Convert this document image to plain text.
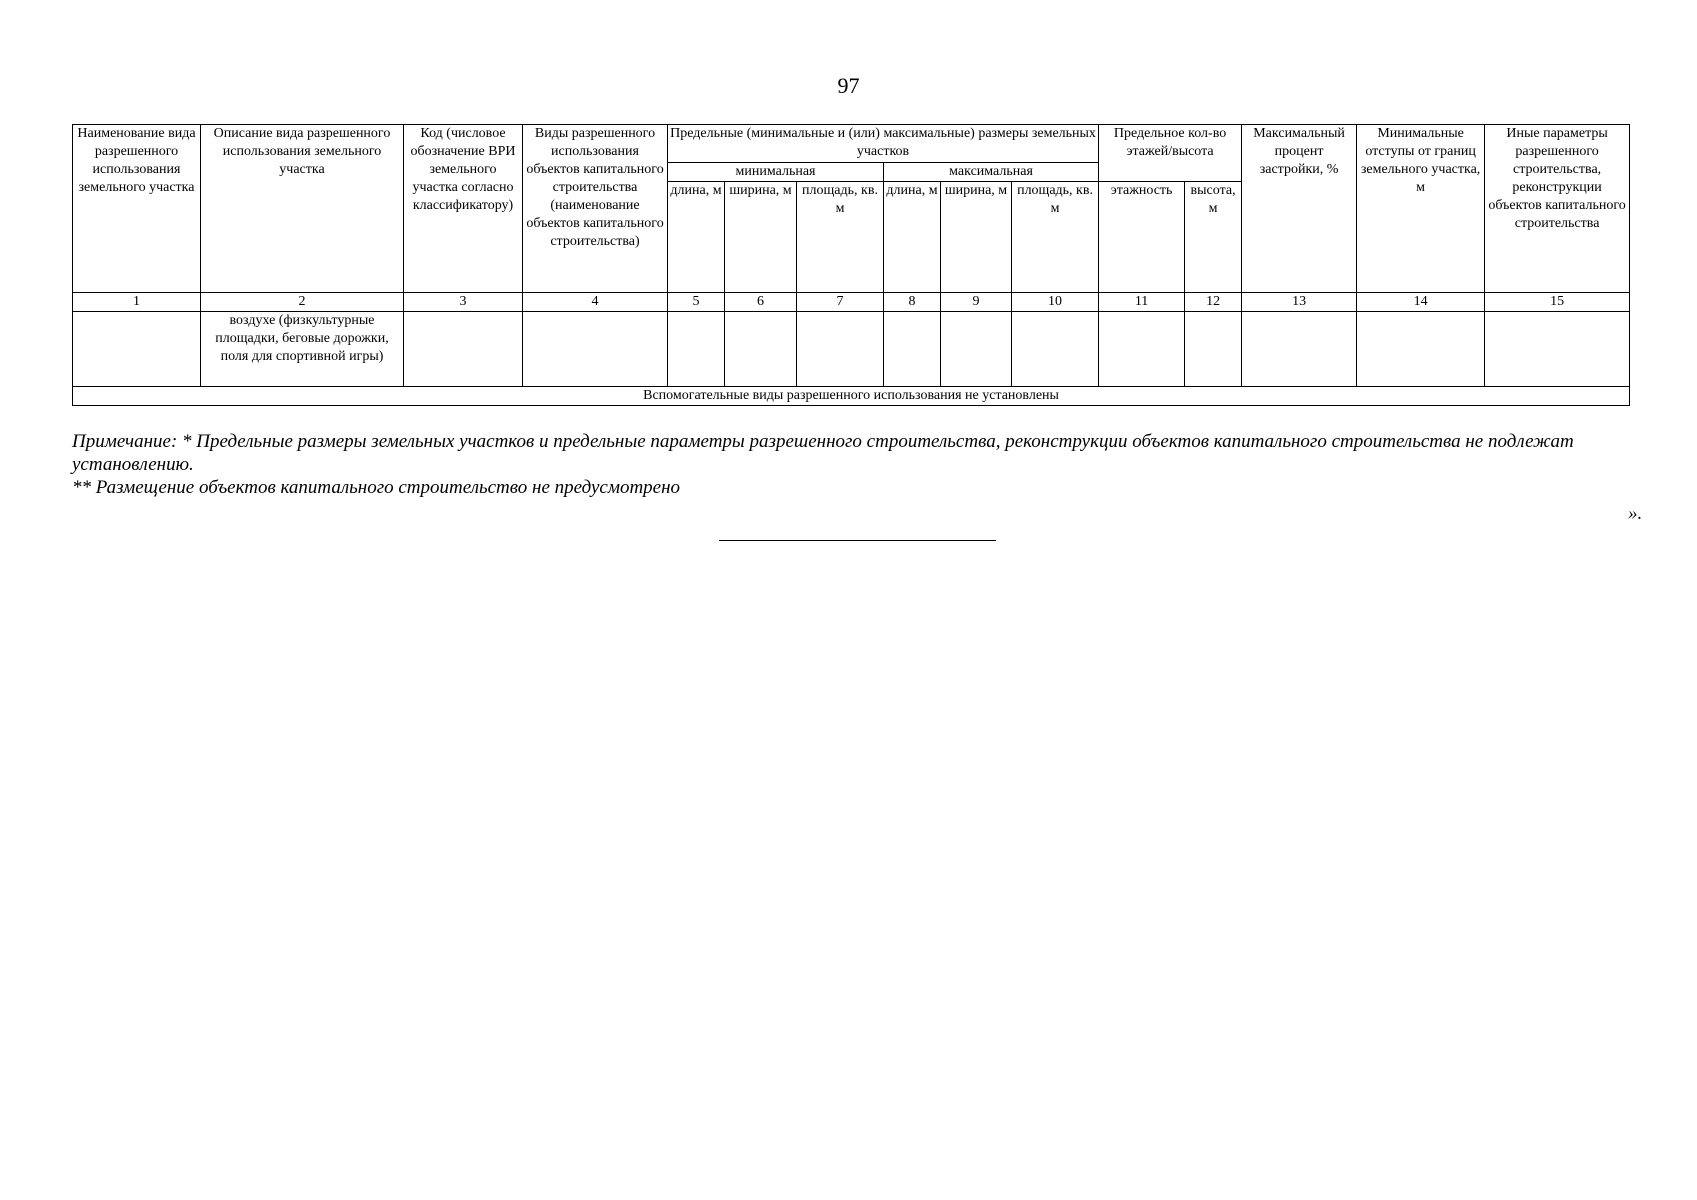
97
Наименование вида разрешенного использования земельного участка	Описание вида разрешенного использования земельного участка	Код (числовое обозначение ВРИ земельного участка согласно классификатору)	Виды разрешенного использования объектов капитального строительства (наименование объектов капитального строительства)	Предельные (минимальные и (или) максимальные) размеры земельных участков						Предельное кол-во этажей/высота		Максимальный процент застройки, %	Минимальные отступы от границ земельного участка, м	Иные параметры разрешенного строительства, реконструкции объектов капитального строительства
				минимальная			максимальная							
				длина, м	ширина, м	площадь, кв. м	длина, м	ширина, м	площадь, кв. м	этажность	высота, м			
1	2	3	4	5	6	7	8	9	10	11	12	13	14	15
	воздухе (физкультурные площадки, беговые дорожки, поля для спортивной игры)													
Вспомогательные виды разрешенного использования не установлены														
Примечание: * Предельные размеры земельных участков и предельные параметры разрешенного строительства, реконструкции объектов капитального строительства не подлежат установлению.
** Размещение объектов капитального строительство не предусмотрено
».
